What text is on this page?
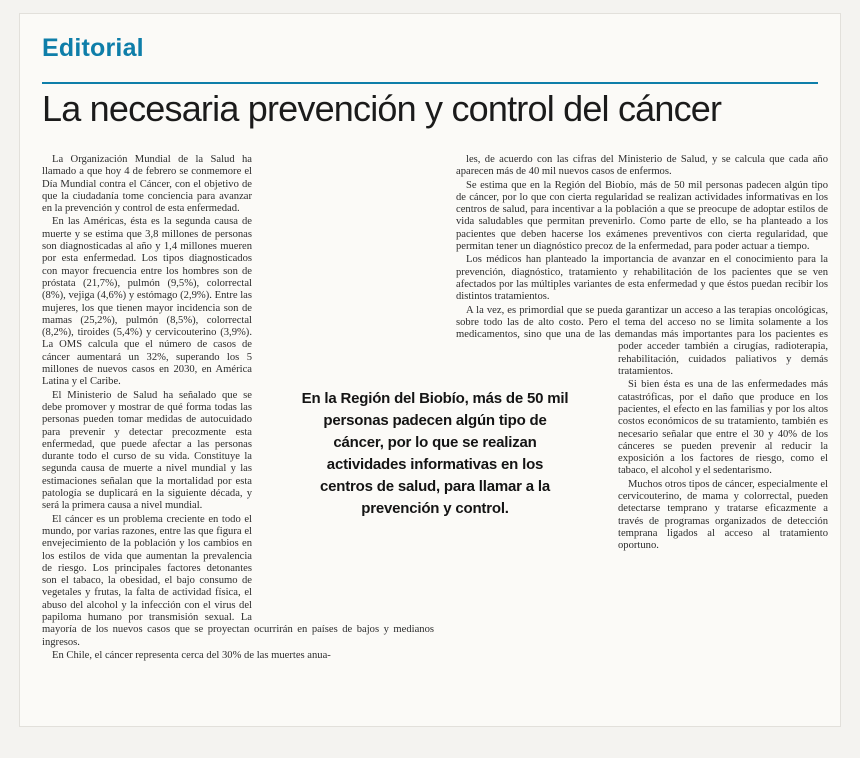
Editorial
La necesaria prevención y control del cáncer

La Organización Mundial de la Salud ha llamado a que hoy 4 de febrero se conmemore el Día Mundial contra el Cáncer, con el objetivo de que la ciudadanía tome conciencia para avanzar en la prevención y control de esta enfermedad.

En las Américas, ésta es la segunda causa de muerte y se estima que 3,8 millones de personas son diagnosticadas al año y 1,4 millones mueren por esta enfermedad. Los tipos diagnosticados con mayor frecuencia entre los hombres son de próstata (21,7%), pulmón (9,5%), colorrectal (8%), vejiga (4,6%) y estómago (2,9%). Entre las mujeres, los que tienen mayor incidencia son de mamas (25,2%), pulmón (8,5%), colorrectal (8,2%), tiroides (5,4%) y cervicouterino (3,9%). La OMS calcula que el número de casos de cáncer aumentará un 32%, superando los 5 millones de nuevos casos en 2030, en América Latina y el Caribe.

El Ministerio de Salud ha señalado que se debe promover y mostrar de qué forma todas las personas pueden tomar medidas de autocuidado para prevenir y detectar precozmente esta enfermedad, que puede afectar a las personas durante todo el curso de su vida. Constituye la segunda causa de muerte a nivel mundial y las estimaciones señalan que la mortalidad por esta patología se duplicará en la siguiente década, y será la primera causa a nivel mundial.

El cáncer es un problema creciente en todo el mundo, por varias razones, entre las que figura el envejecimiento de la población y los cambios en los estilos de vida que aumentan la prevalencia de riesgo. Los principales factores detonantes son el tabaco, la obesidad, el bajo consumo de vegetales y frutas, la falta de actividad física, el abuso del alcohol y la infección con el virus del papiloma humano por transmisión sexual. La mayoría de los nuevos casos que se proyectan ocurrirán en países de bajos y medianos ingresos.

En Chile, el cáncer representa cerca del 30% de las muertes anua-

les, de acuerdo con las cifras del Ministerio de Salud, y se calcula que cada año aparecen más de 40 mil nuevos casos de enfermos.

Se estima que en la Región del Biobío, más de 50 mil personas padecen algún tipo de cáncer, por lo que con cierta regularidad se realizan actividades informativas en los centros de salud, para incentivar a la población a que se preocupe de adoptar estilos de vida saludables que permitan prevenirlo. Como parte de ello, se ha planteado a los pacientes que deben hacerse los exámenes preventivos con cierta regularidad, que permitan tener un diagnóstico precoz de la enfermedad, para poder actuar a tiempo.

Los médicos han planteado la importancia de avanzar en el conocimiento para la prevención, diagnóstico, tratamiento y rehabilitación de los pacientes que se ven afectados por las múltiples variantes de esta enfermedad y que éstos puedan recibir los distintos tratamientos.

A la vez, es primordial que se pueda garantizar un acceso a las terapias oncológicas, sobre todo las de alto costo. Pero el tema del acceso no se limita solamente a los medicamentos, sino que una de las demandas más importantes para los pacientes es poder acceder también a cirugías, radioterapia, rehabilitación, cuidados paliativos y demás tratamientos.

Si bien ésta es una de las enfermedades más catastróficas, por el daño que produce en los pacientes, el efecto en las familias y por los altos costos económicos de su tratamiento, también es necesario señalar que entre el 30 y 40% de los cánceres se pueden prevenir al reducir la exposición a los factores de riesgo, como el tabaco, el alcohol y el sedentarismo.

Muchos otros tipos de cáncer, especialmente el cervicouterino, de mama y colorrectal, pueden detectarse temprano y tratarse eficazmente a través de programas organizados de detección temprana ligados al acceso al tratamiento oportuno.

En la Región del Biobío, más de 50 mil personas padecen algún tipo de cáncer, por lo que se realizan actividades informativas en los centros de salud, para llamar a la prevención y control.
